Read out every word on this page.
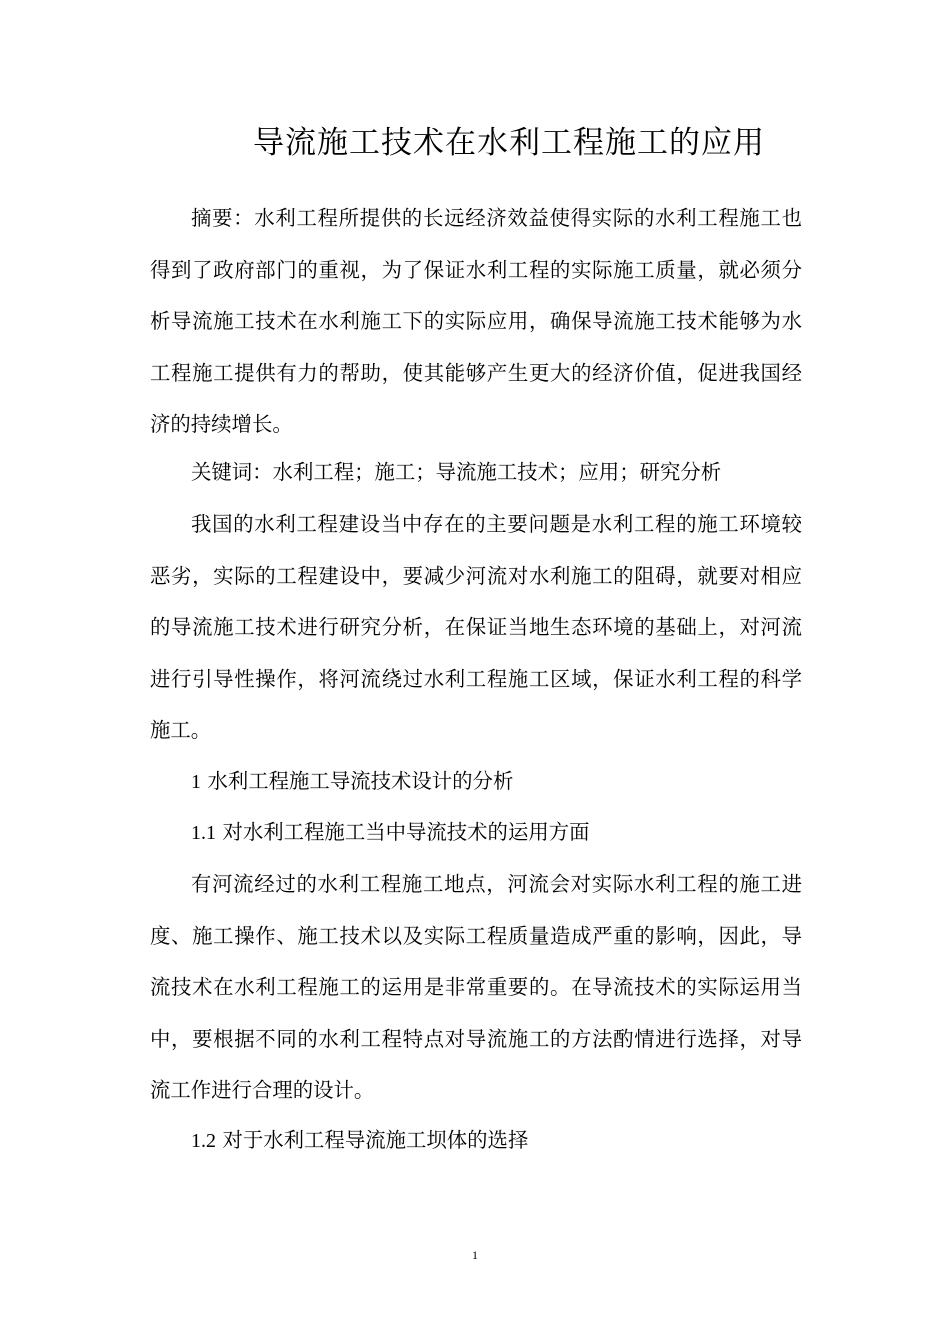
导流施工技术在水利工程施工的应用

摘要：水利工程所提供的长远经济效益使得实际的水利工程施工也得到了政府部门的重视，为了保证水利工程的实际施工质量，就必须分析导流施工技术在水利施工下的实际应用，确保导流施工技术能够为水工程施工提供有力的帮助，使其能够产生更大的经济价值，促进我国经济的持续增长。

关键词：水利工程；施工；导流施工技术；应用；研究分析

我国的水利工程建设当中存在的主要问题是水利工程的施工环境较恶劣，实际的工程建设中，要减少河流对水利施工的阻碍，就要对相应的导流施工技术进行研究分析，在保证当地生态环境的基础上，对河流进行引导性操作，将河流绕过水利工程施工区域，保证水利工程的科学施工。

1 水利工程施工导流技术设计的分析

1.1 对水利工程施工当中导流技术的运用方面

有河流经过的水利工程施工地点，河流会对实际水利工程的施工进度、施工操作、施工技术以及实际工程质量造成严重的影响，因此，导流技术在水利工程施工的运用是非常重要的。在导流技术的实际运用当中，要根据不同的水利工程特点对导流施工的方法酌情进行选择，对导流工作进行合理的设计。

1.2 对于水利工程导流施工坝体的选择

1
